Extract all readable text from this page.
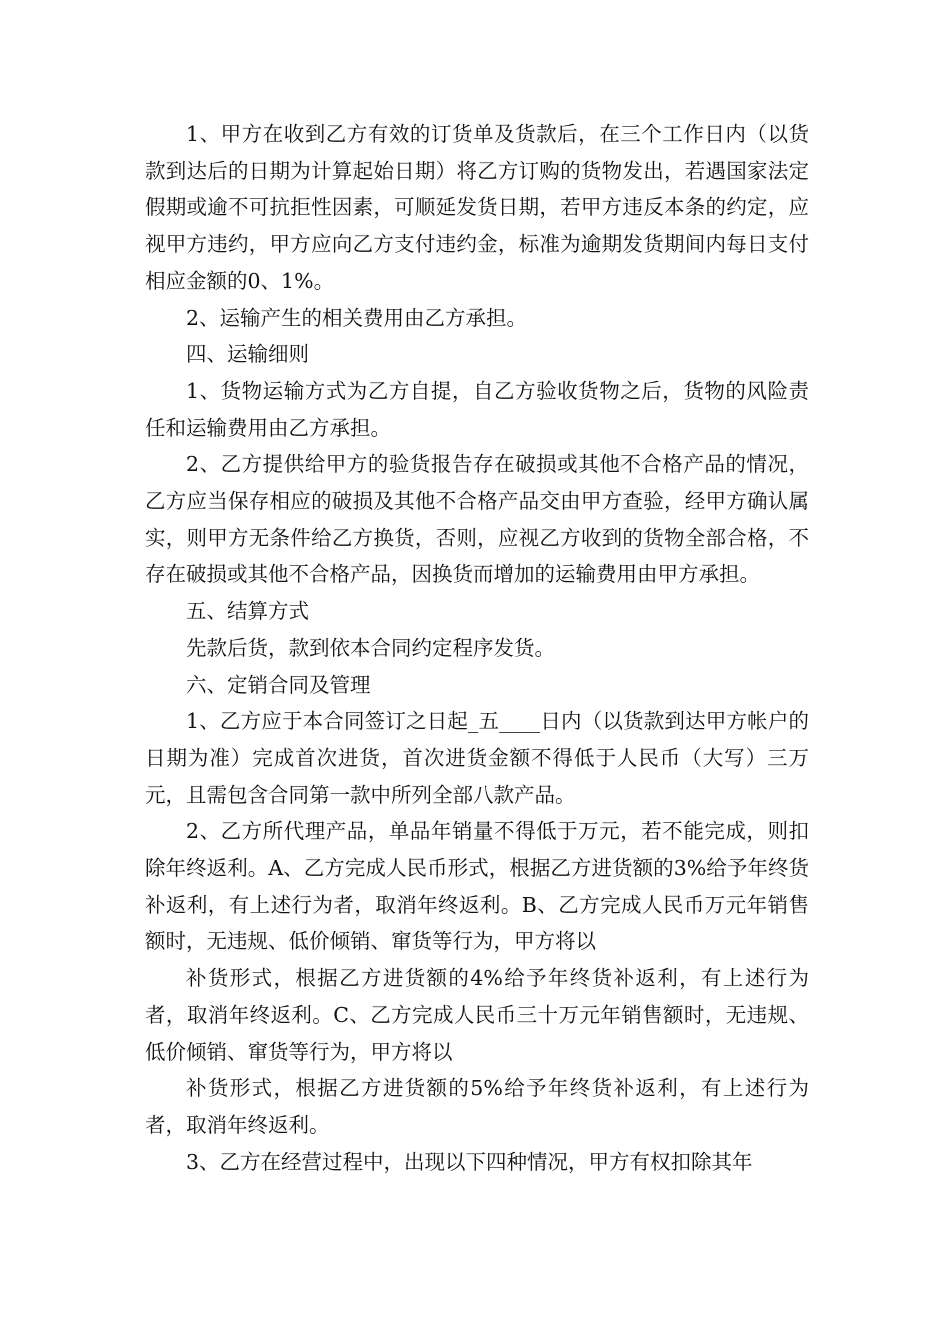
1、甲方在收到乙方有效的订货单及货款后，在三个工作日内（以货款到达后的日期为计算起始日期）将乙方订购的货物发出，若遇国家法定假期或逾不可抗拒性因素，可顺延发货日期，若甲方违反本条的约定，应视甲方违约，甲方应向乙方支付违约金，标准为逾期发货期间内每日支付相应金额的0、1%。

2、运输产生的相关费用由乙方承担。

四、运输细则

1、货物运输方式为乙方自提，自乙方验收货物之后，货物的风险责任和运输费用由乙方承担。

2、乙方提供给甲方的验货报告存在破损或其他不合格产品的情况，乙方应当保存相应的破损及其他不合格产品交由甲方查验，经甲方确认属实，则甲方无条件给乙方换货，否则，应视乙方收到的货物全部合格，不存在破损或其他不合格产品，因换货而增加的运输费用由甲方承担。

五、结算方式

先款后货，款到依本合同约定程序发货。

六、定销合同及管理

1、乙方应于本合同签订之日起_五____日内（以货款到达甲方帐户的日期为准）完成首次进货，首次进货金额不得低于人民币（大写）三万元，且需包含合同第一款中所列全部八款产品。

2、乙方所代理产品，单品年销量不得低于万元，若不能完成，则扣除年终返利。A、乙方完成人民币形式，根据乙方进货额的3%给予年终货补返利，有上述行为者，取消年终返利。B、乙方完成人民币万元年销售额时，无违规、低价倾销、窜货等行为，甲方将以

补货形式，根据乙方进货额的4%给予年终货补返利，有上述行为者，取消年终返利。C、乙方完成人民币三十万元年销售额时，无违规、低价倾销、窜货等行为，甲方将以

补货形式，根据乙方进货额的5%给予年终货补返利，有上述行为者，取消年终返利。

3、乙方在经营过程中，出现以下四种情况，甲方有权扣除其年
